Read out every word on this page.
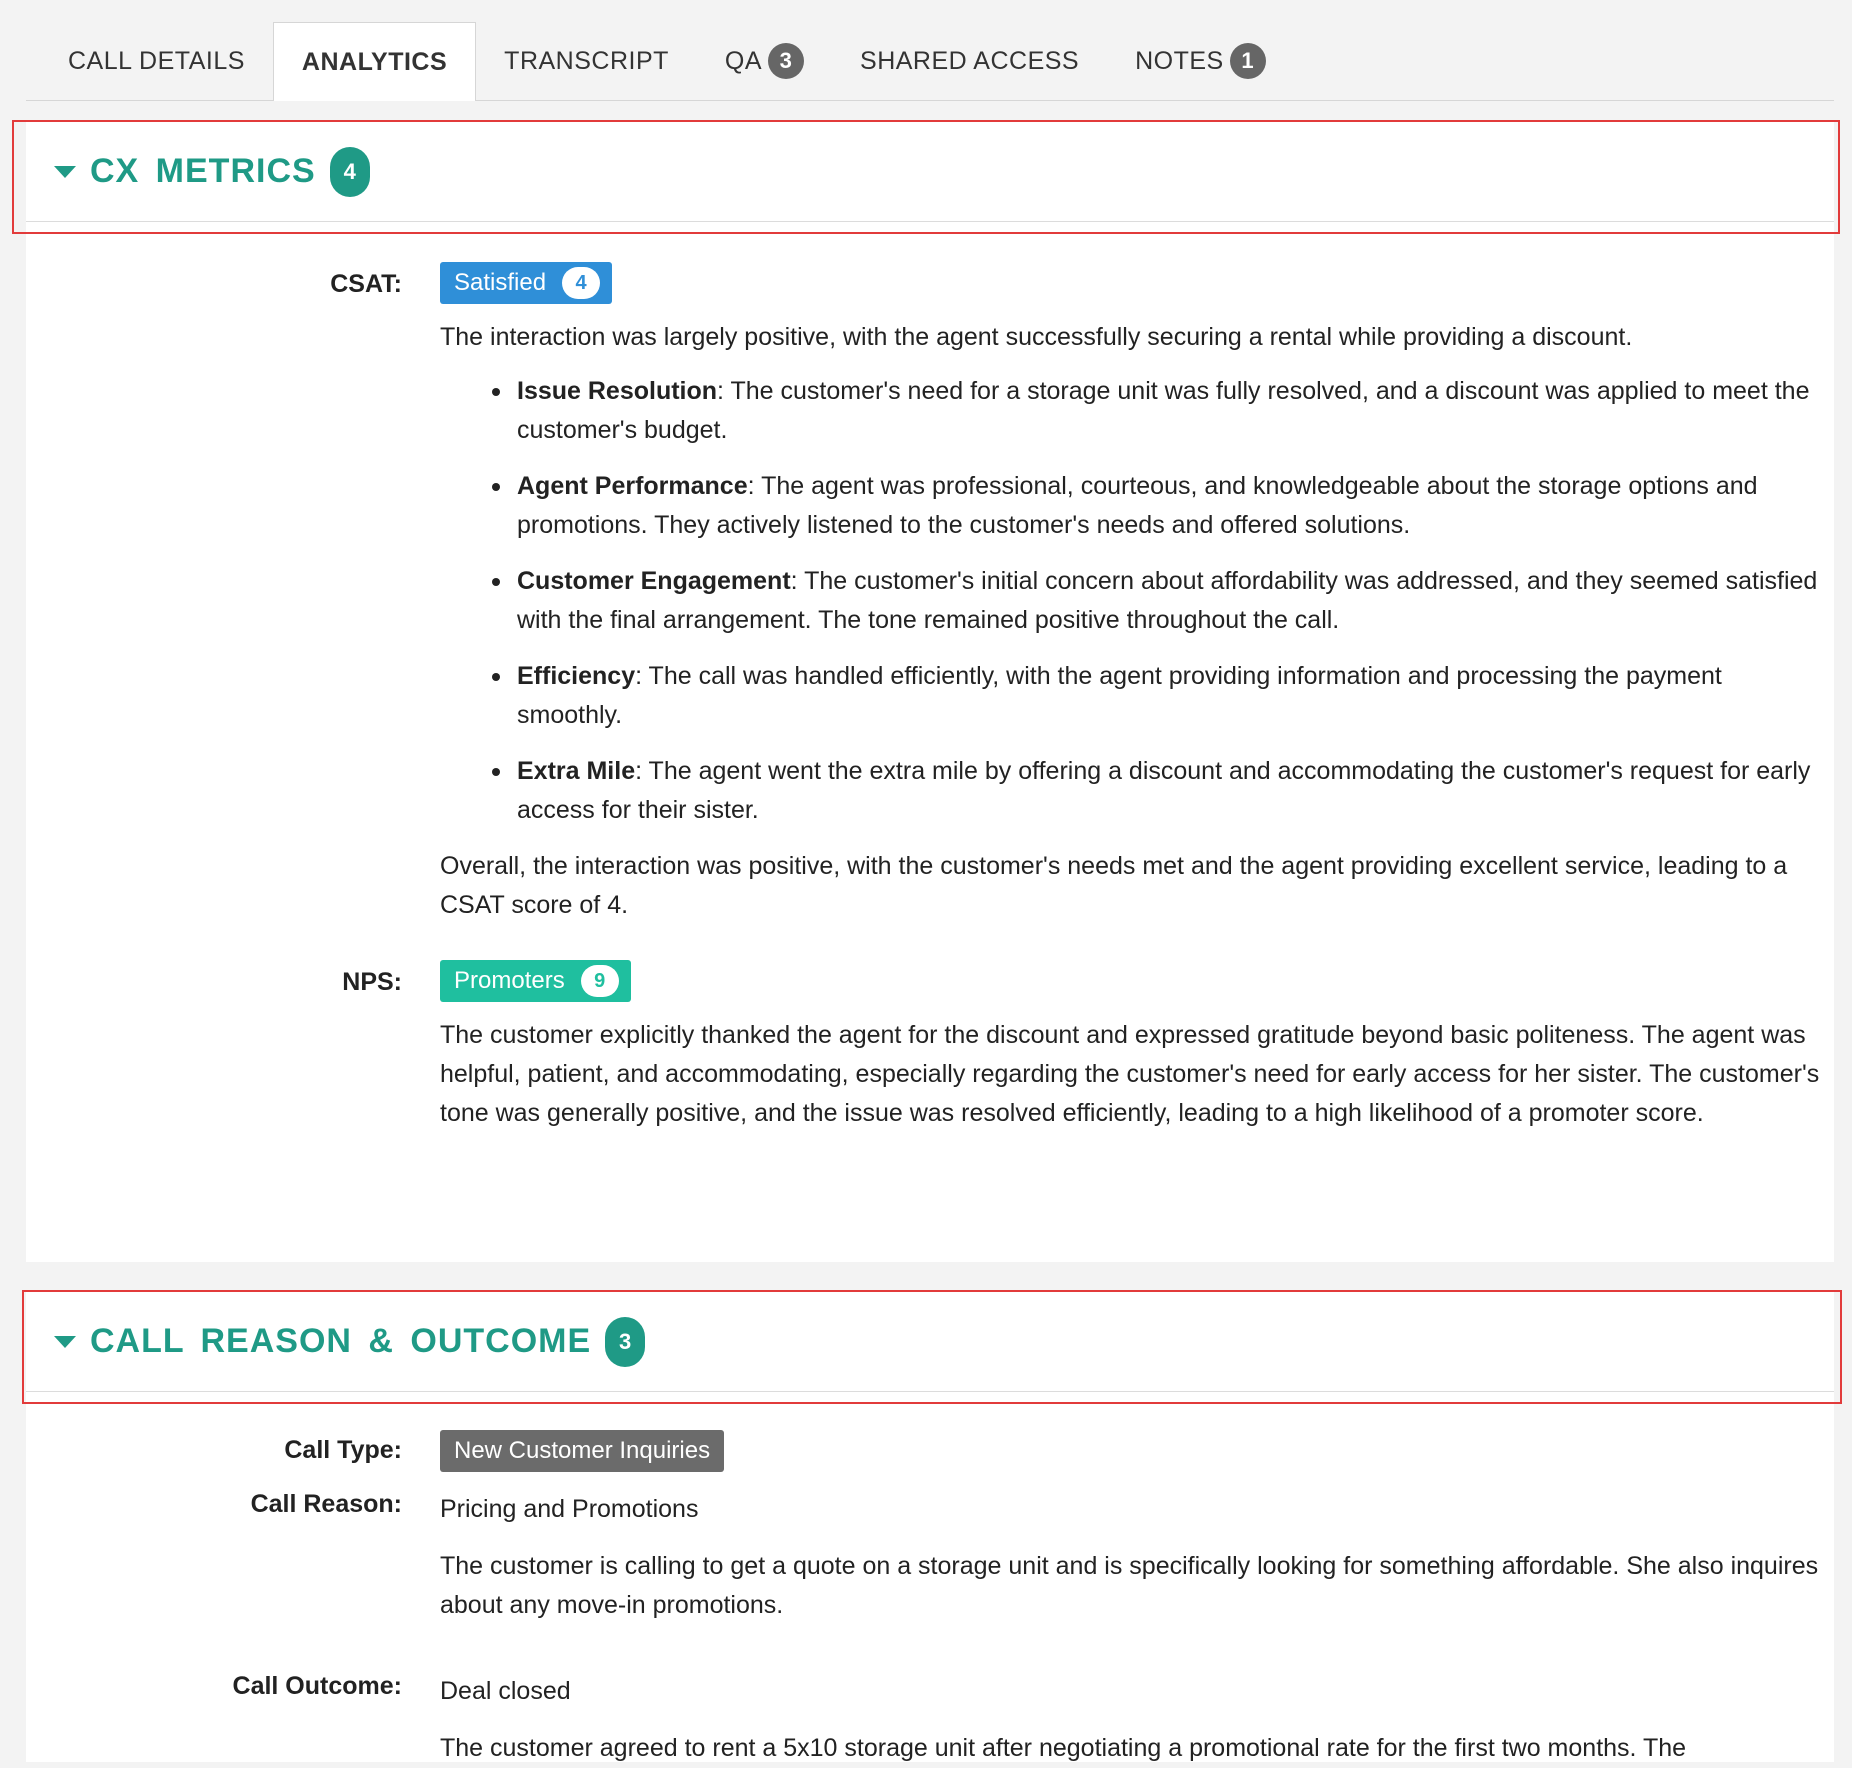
CALL DETAILS ANALYTICS TRANSCRIPT QA 3	SHARED ACCESS NOTES 1
CX METRICS	4
CSAT: Satisfied	4
The interaction was largely positive, with the agent successfully securing a rental while providing a discount.
Issue Resolution: The customer's need for a storage unit was fully resolved, and a discount was applied to meet the customer's budget.
Agent Performance: The agent was professional, courteous, and knowledgeable about the storage options and promotions. They actively listened to the customer's needs and offered solutions.
Customer Engagement: The customer's initial concern about affordability was addressed, and they seemed satisfied with the final arrangement. The tone remained positive throughout the call.
Efficiency: The call was handled efficiently, with the agent providing information and processing the payment smoothly.
Extra Mile: The agent went the extra mile by offering a discount and accommodating the customer's request for early access for their sister.
Overall, the interaction was positive, with the customer's needs met and the agent providing excellent service, leading to a CSAT score of 4.
NPS: Promoters	9
The customer explicitly thanked the agent for the discount and expressed gratitude beyond basic politeness. The agent was helpful, patient, and accommodating, especially regarding the customer's need for early access for her sister. The customer's tone was generally positive, and the issue was resolved efficiently, leading to a high likelihood of a promoter score.
CALL REASON & OUTCOME	3
Call Type:	New Customer Inquiries
Call Reason: Pricing and Promotions
The customer is calling to get a quote on a storage unit and is specifically looking for something affordable. She also inquires about any move-in promotions.
Call Outcome: Deal closed
The customer agreed to rent a 5x10 storage unit after negotiating a promotional rate for the first two months. The
